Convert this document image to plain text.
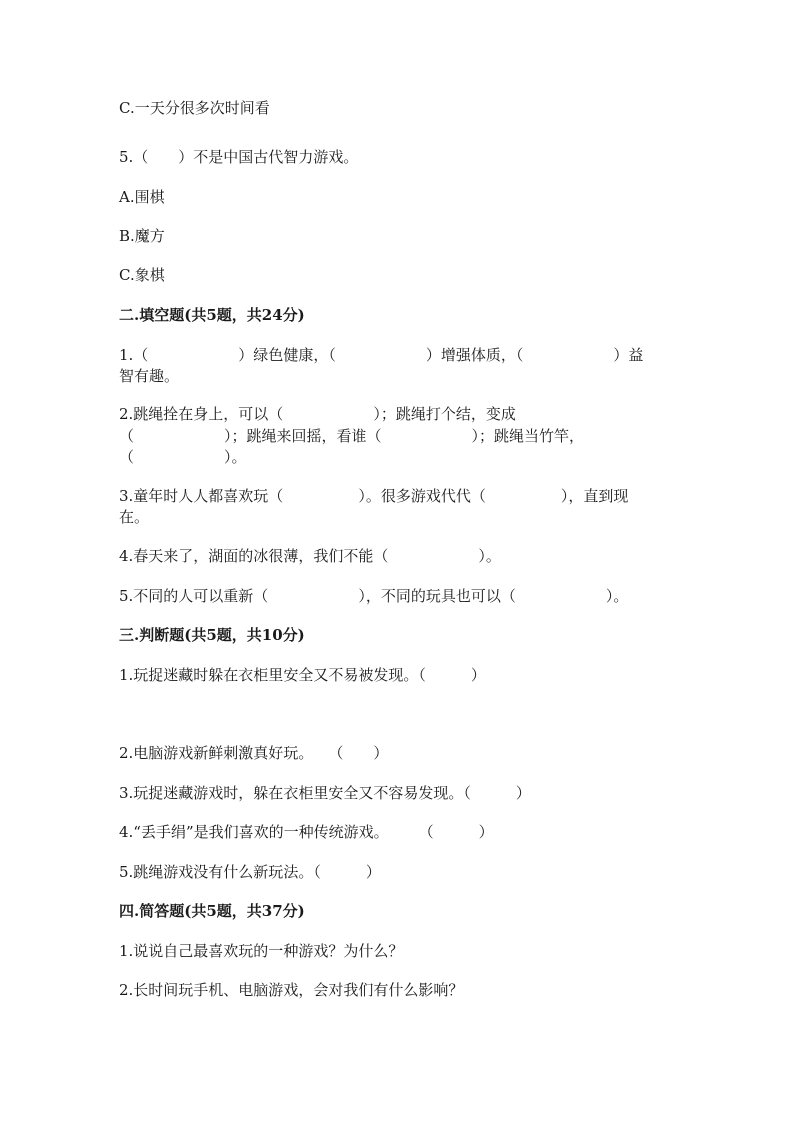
C.一天分很多次时间看
5.（　　）不是中国古代智力游戏。
A.围棋
B.魔方
C.象棋
二.填空题(共5题，共24分)
1.（　　　　　　）绿色健康，（　　　　　　）增强体质，（　　　　　　）益
智有趣。
2.跳绳拴在身上，可以（　　　　　　）；跳绳打个结，变成
（　　　　　　）；跳绳来回摇，看谁（　　　　　　）；跳绳当竹竿，
（　　　　　　）。
3.童年时人人都喜欢玩（　　　　　）。很多游戏代代（　　　　　），直到现
在。
4.春天来了，湖面的冰很薄，我们不能（　　　　　　）。
5.不同的人可以重新（　　　　　　），不同的玩具也可以（　　　　　　）。
三.判断题(共5题，共10分)
1.玩捉迷藏时躲在衣柜里安全又不易被发现。（　　　）
2.电脑游戏新鲜刺激真好玩。　　（　　）
3.玩捉迷藏游戏时，躲在衣柜里安全又不容易发现。（　　　）
4.“丢手绢”是我们喜欢的一种传统游戏。　　　（　　　）
5.跳绳游戏没有什么新玩法。（　　　）
四.简答题(共5题，共37分)
1.说说自己最喜欢玩的一种游戏？为什么？
2.长时间玩手机、电脑游戏，会对我们有什么影响？
